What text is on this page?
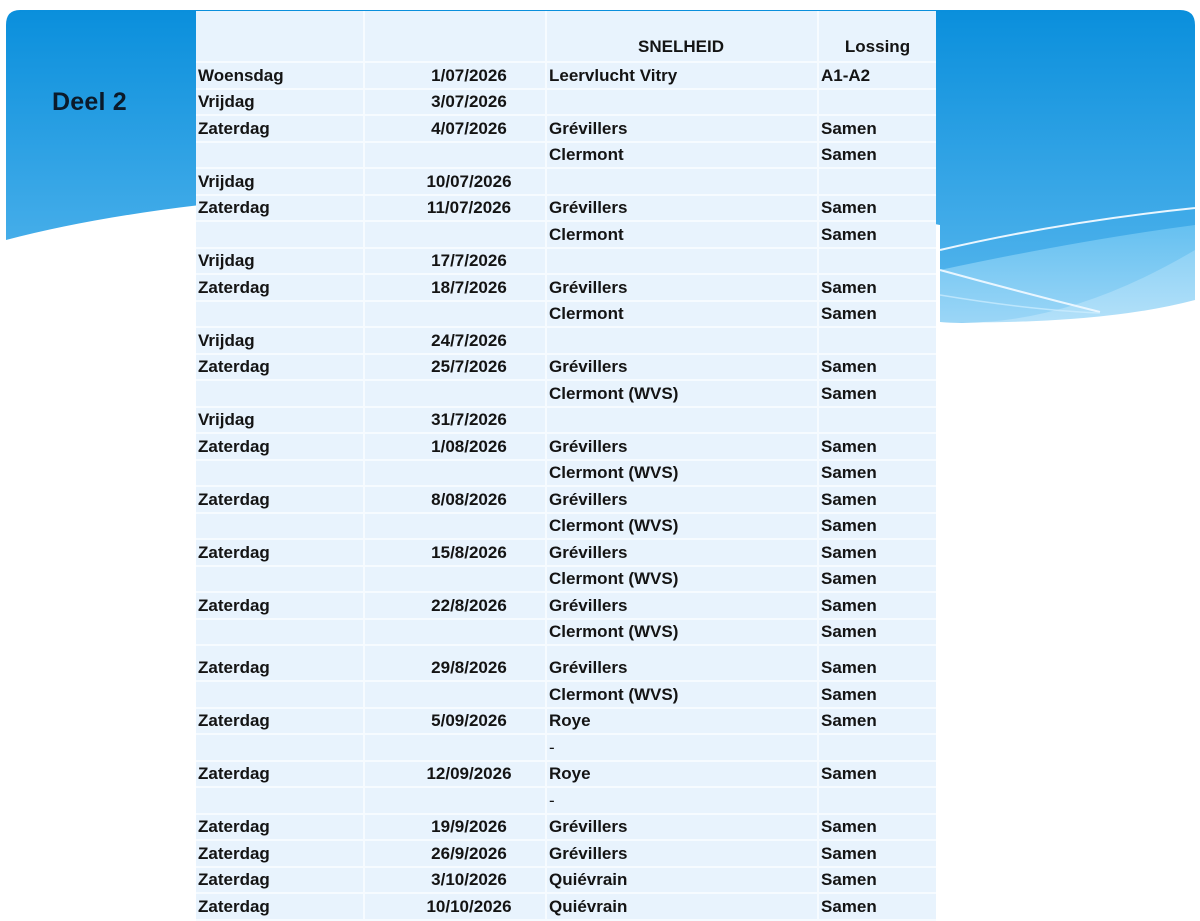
Deel 2
		SNELHEID	Lossing
Woensdag	1/07/2026	Leervlucht Vitry	A1-A2
Vrijdag	3/07/2026		
Zaterdag	4/07/2026	Grévillers	Samen
		Clermont	Samen
Vrijdag	10/07/2026		
Zaterdag	11/07/2026	Grévillers	Samen
		Clermont	Samen
Vrijdag	17/7/2026		
Zaterdag	18/7/2026	Grévillers	Samen
		Clermont	Samen
Vrijdag	24/7/2026		
Zaterdag	25/7/2026	Grévillers	Samen
		Clermont (WVS)	Samen
Vrijdag	31/7/2026		
Zaterdag	1/08/2026	Grévillers	Samen
		Clermont (WVS)	Samen
Zaterdag	8/08/2026	Grévillers	Samen
		Clermont (WVS)	Samen
Zaterdag	15/8/2026	Grévillers	Samen
		Clermont (WVS)	Samen
Zaterdag	22/8/2026	Grévillers	Samen
		Clermont (WVS)	Samen
Zaterdag	29/8/2026	Grévillers	Samen
		Clermont (WVS)	Samen
Zaterdag	5/09/2026	Roye	Samen
		-	
Zaterdag	12/09/2026	Roye	Samen
		-	
Zaterdag	19/9/2026	Grévillers	Samen
Zaterdag	26/9/2026	Grévillers	Samen
Zaterdag	3/10/2026	Quiévrain	Samen
Zaterdag	10/10/2026	Quiévrain	Samen
